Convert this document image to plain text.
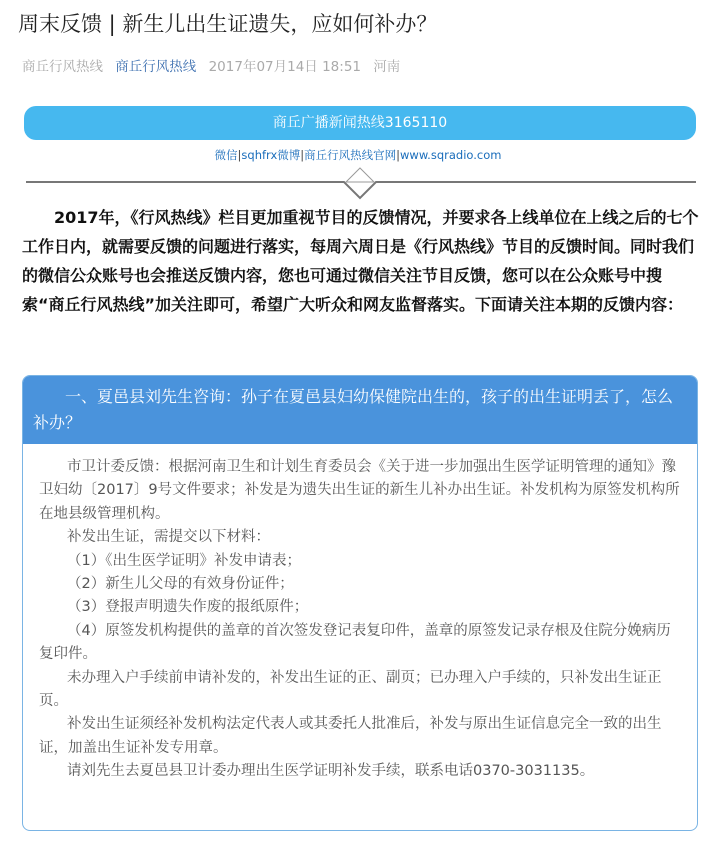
周末反馈 | 新生儿出生证遗失，应如何补办？
商丘行风热线 商丘行风热线 2017年07月14日 18:51 河南
商丘广播新闻热线3165110
微信|sqhfrx微博|商丘行风热线官网|www.sqradio.com
2017年，《行风热线》栏目更加重视节目的反馈情况，并要求各上线单位在上线之后的七个工作日内，就需要反馈的问题进行落实，每周六周日是《行风热线》节目的反馈时间。同时我们的微信公众账号也会推送反馈内容，您也可通过微信关注节目反馈，您可以在公众账号中搜索“商丘行风热线”加关注即可，希望广大听众和网友监督落实。下面请关注本期的反馈内容：
一、夏邑县刘先生咨询：孙子在夏邑县妇幼保健院出生的，孩子的出生证明丢了，怎么补办？

市卫计委反馈：根据河南卫生和计划生育委员会《关于进一步加强出生医学证明管理的通知》豫卫妇幼〔2017〕9号文件要求；补发是为遗失出生证的新生儿补办出生证。补发机构为原签发机构所在地县级管理机构。

补发出生证，需提交以下材料：

（1）《出生医学证明》补发申请表；

（2）新生儿父母的有效身份证件；

（3）登报声明遗失作废的报纸原件；

（4）原签发机构提供的盖章的首次签发登记表复印件，盖章的原签发记录存根及住院分娩病历复印件。

未办理入户手续前申请补发的，补发出生证的正、副页；已办理入户手续的，只补发出生证正页。

补发出生证须经补发机构法定代表人或其委托人批准后，补发与原出生证信息完全一致的出生证，加盖出生证补发专用章。

请刘先生去夏邑县卫计委办理出生医学证明补发手续，联系电话0370-3031135。
